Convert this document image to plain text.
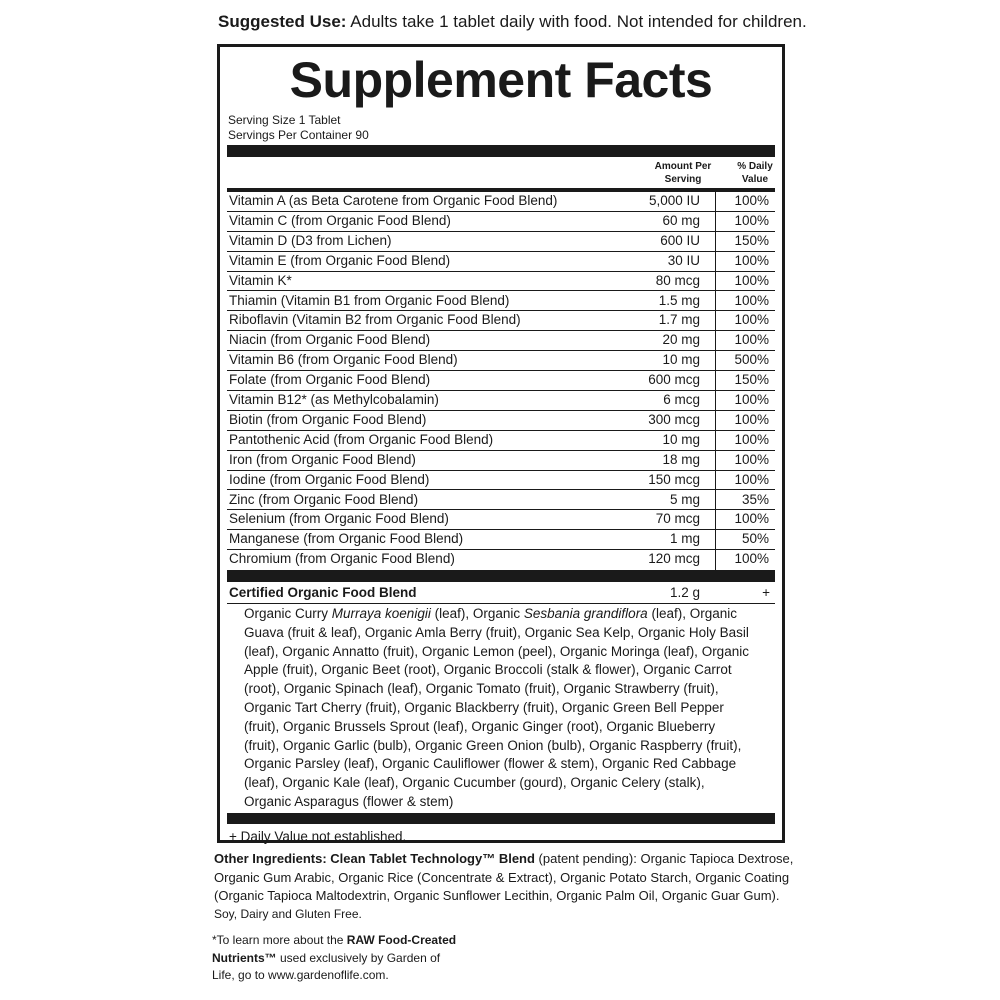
Suggested Use: Adults take 1 tablet daily with food. Not intended for children.
Supplement Facts
Serving Size 1 Tablet
Servings Per Container 90
Amount Per Serving
% Daily Value
Vitamin A (as Beta Carotene from Organic Food Blend)	5,000 IU	100%
Vitamin C (from Organic Food Blend)	60 mg	100%
Vitamin D (D3 from Lichen)	600 IU	150%
Vitamin E (from Organic Food Blend)	30 IU	100%
Vitamin K*	80 mcg	100%
Thiamin (Vitamin B1 from Organic Food Blend)	1.5 mg	100%
Riboflavin (Vitamin B2 from Organic Food Blend)	1.7 mg	100%
Niacin (from Organic Food Blend)	20 mg	100%
Vitamin B6 (from Organic Food Blend)	10 mg	500%
Folate (from Organic Food Blend)	600 mcg	150%
Vitamin B12* (as Methylcobalamin)	6 mcg	100%
Biotin (from Organic Food Blend)	300 mcg	100%
Pantothenic Acid (from Organic Food Blend)	10 mg	100%
Iron (from Organic Food Blend)	18 mg	100%
Iodine (from Organic Food Blend)	150 mcg	100%
Zinc (from Organic Food Blend)	5 mg	35%
Selenium (from Organic Food Blend)	70 mcg	100%
Manganese (from Organic Food Blend)	1 mg	50%
Chromium (from Organic Food Blend)	120 mcg	100%
Certified Organic Food Blend	1.2 g	+
Organic Curry Murraya koenigii (leaf), Organic Sesbania grandiflora (leaf), Organic
Guava (fruit & leaf), Organic Amla Berry (fruit), Organic Sea Kelp, Organic Holy Basil
(leaf), Organic Annatto (fruit), Organic Lemon (peel), Organic Moringa (leaf), Organic
Apple (fruit), Organic Beet (root), Organic Broccoli (stalk & flower), Organic Carrot
(root), Organic Spinach (leaf), Organic Tomato (fruit), Organic Strawberry (fruit),
Organic Tart Cherry (fruit), Organic Blackberry (fruit), Organic Green Bell Pepper
(fruit), Organic Brussels Sprout (leaf), Organic Ginger (root), Organic Blueberry
(fruit), Organic Garlic (bulb), Organic Green Onion (bulb), Organic Raspberry (fruit),
Organic Parsley (leaf), Organic Cauliflower (flower & stem), Organic Red Cabbage
(leaf), Organic Kale (leaf), Organic Cucumber (gourd), Organic Celery (stalk),
Organic Asparagus (flower & stem)
+ Daily Value not established.
Other Ingredients: Clean Tablet Technology™ Blend (patent pending): Organic Tapioca Dextrose, Organic Gum Arabic, Organic Rice (Concentrate & Extract), Organic Potato Starch, Organic Coating (Organic Tapioca Maltodextrin, Organic Sunflower Lecithin, Organic Palm Oil, Organic Guar Gum).
Soy, Dairy and Gluten Free.
*To learn more about the RAW Food-Created Nutrients™ used exclusively by Garden of Life, go to www.gardenoflife.com.
